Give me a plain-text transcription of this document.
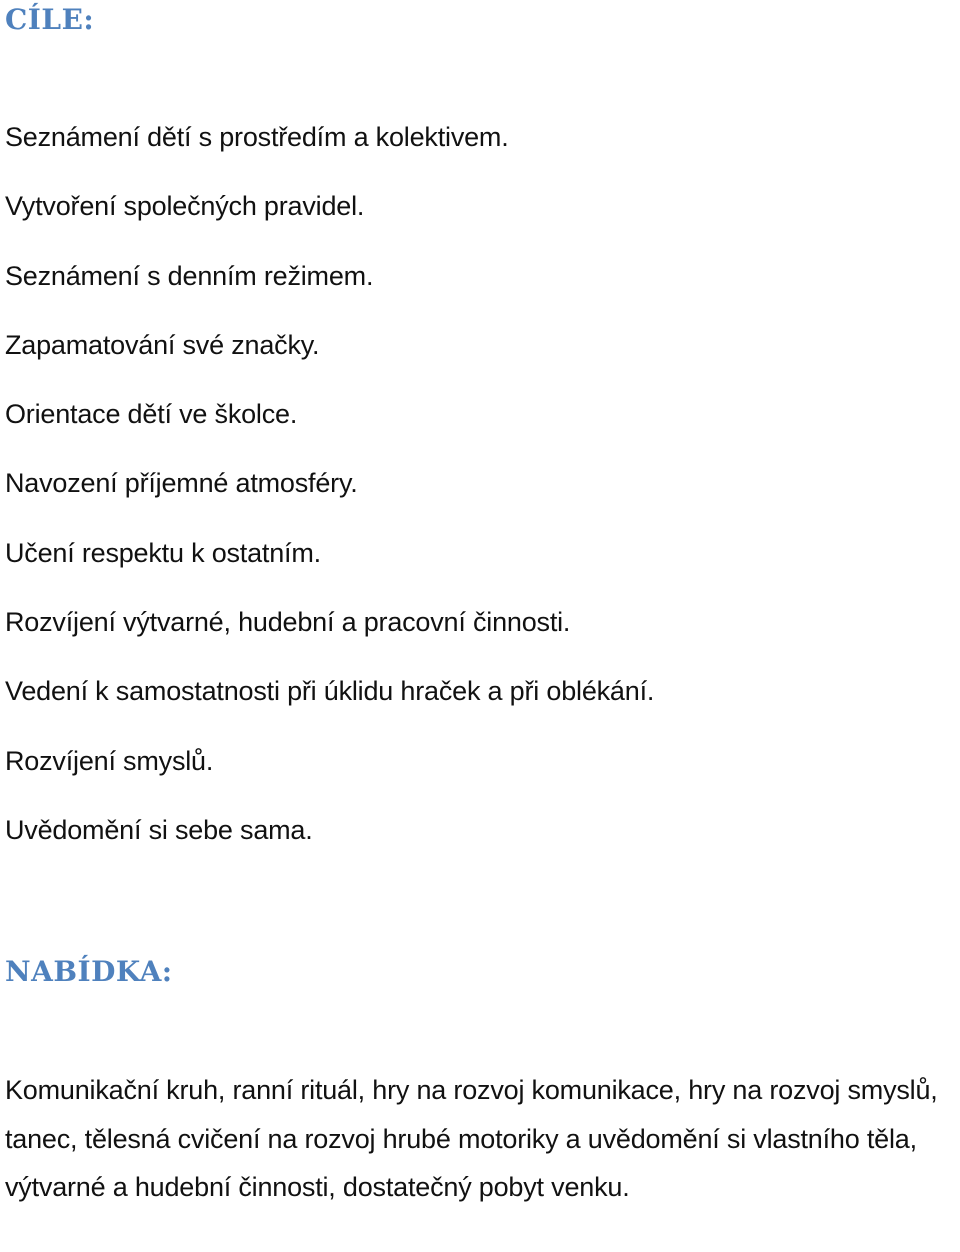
CÍLE:
Seznámení dětí s prostředím a kolektivem.
Vytvoření společných pravidel.
Seznámení s denním režimem.
Zapamatování své značky.
Orientace dětí ve školce.
Navození příjemné atmosféry.
Učení respektu k ostatním.
Rozvíjení výtvarné, hudební a pracovní činnosti.
Vedení k samostatnosti při úklidu hraček a při oblékání.
Rozvíjení smyslů.
Uvědomění si sebe sama.
NABÍDKA:

Komunikační kruh, ranní rituál, hry na rozvoj komunikace, hry na rozvoj smyslů, tanec, tělesná cvičení na rozvoj hrubé motoriky a uvědomění si vlastního těla, výtvarné a hudební činnosti, dostatečný pobyt venku.
